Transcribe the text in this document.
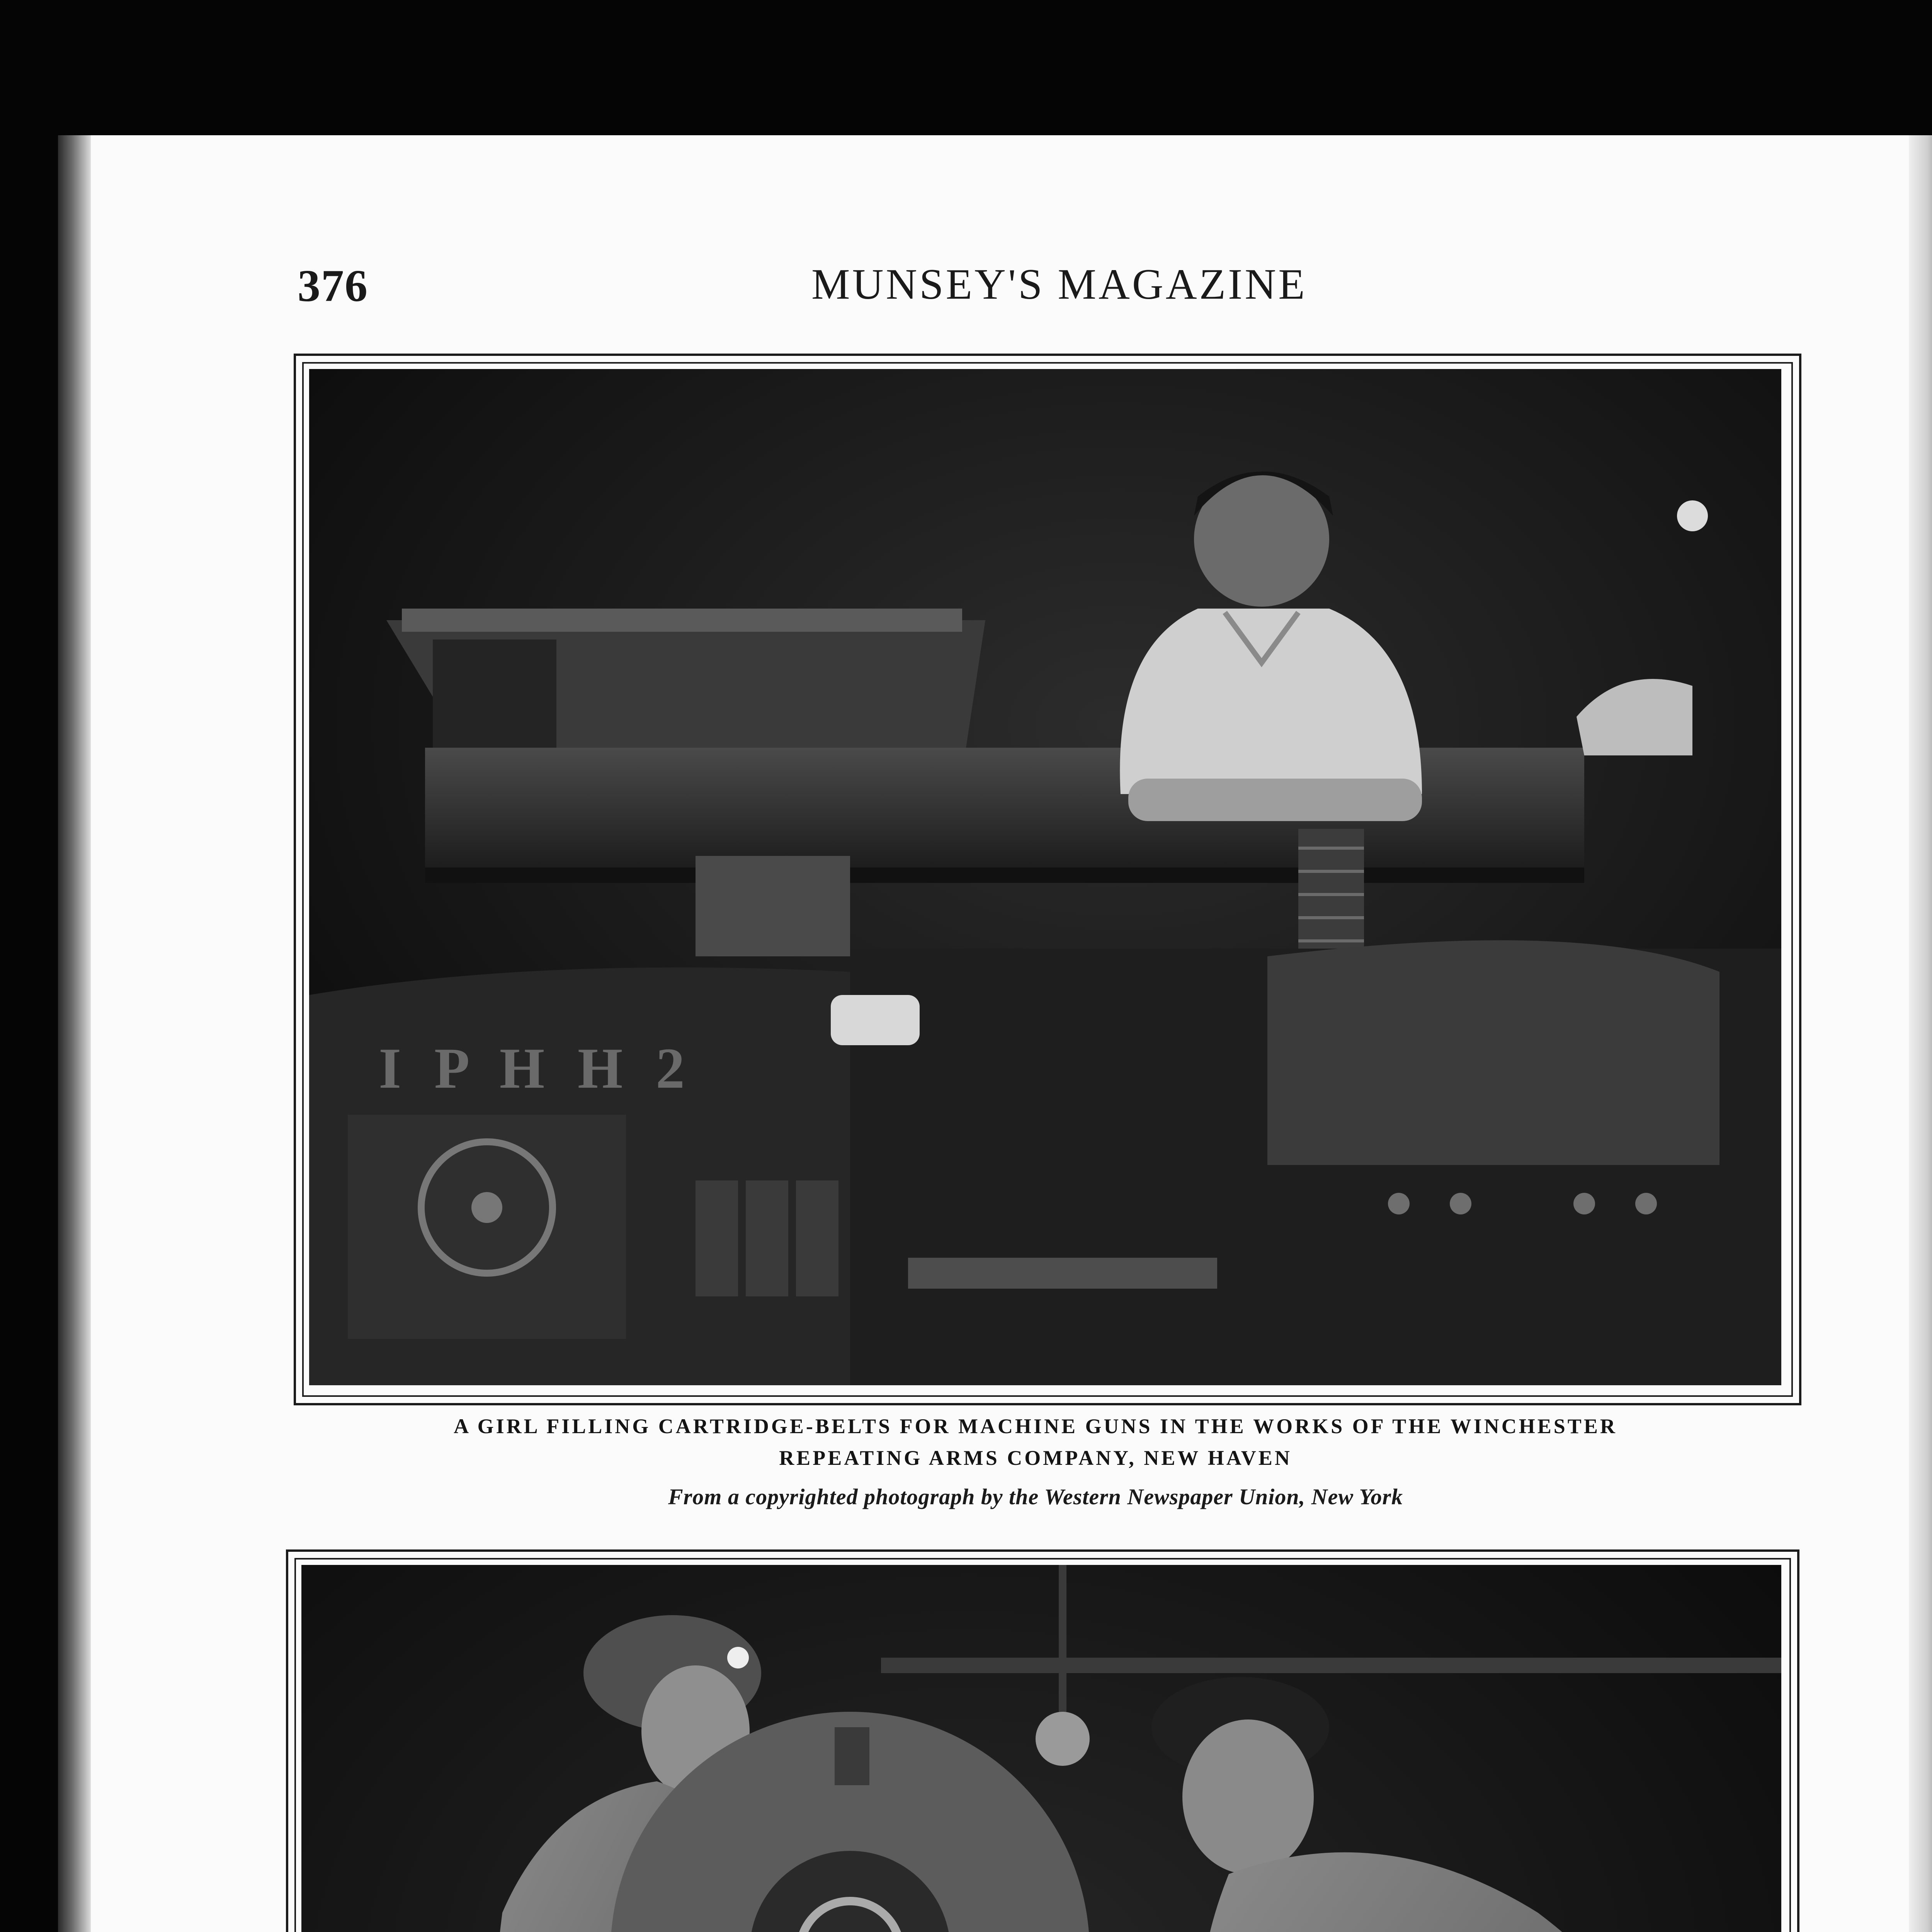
376	MUNSEY'S MAGAZINE
I P H H 2
A GIRL FILLING CARTRIDGE-BELTS FOR MACHINE GUNS IN THE WORKS OF THE WINCHESTER
REPEATING ARMS COMPANY, NEW HAVEN
From a copyrighted photograph by the Western Newspaper Union, New York
